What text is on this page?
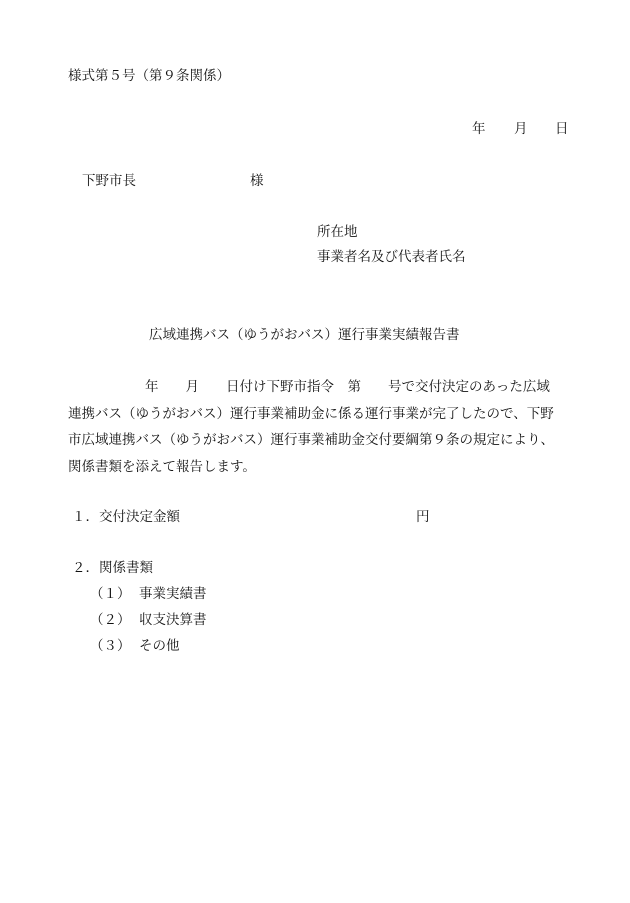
様式第５号（第９条関係）
年 月 日
下野市長	様
所在地
事業者名及び代表者氏名
広域連携バス（ゆうがおバス）運行事業実績報告書
年　　月　　日付け下野市指令　第　　号で交付決定のあった広域
連携バス（ゆうがおバス）運行事業補助金に係る運行事業が完了したので、下野
市広域連携バス（ゆうがおバス）運行事業補助金交付要綱第９条の規定により、
関係書類を添えて報告します。
１．交付決定金額	円
２．関係書類
（１） 事業実績書
（２） 収支決算書
（３） その他
